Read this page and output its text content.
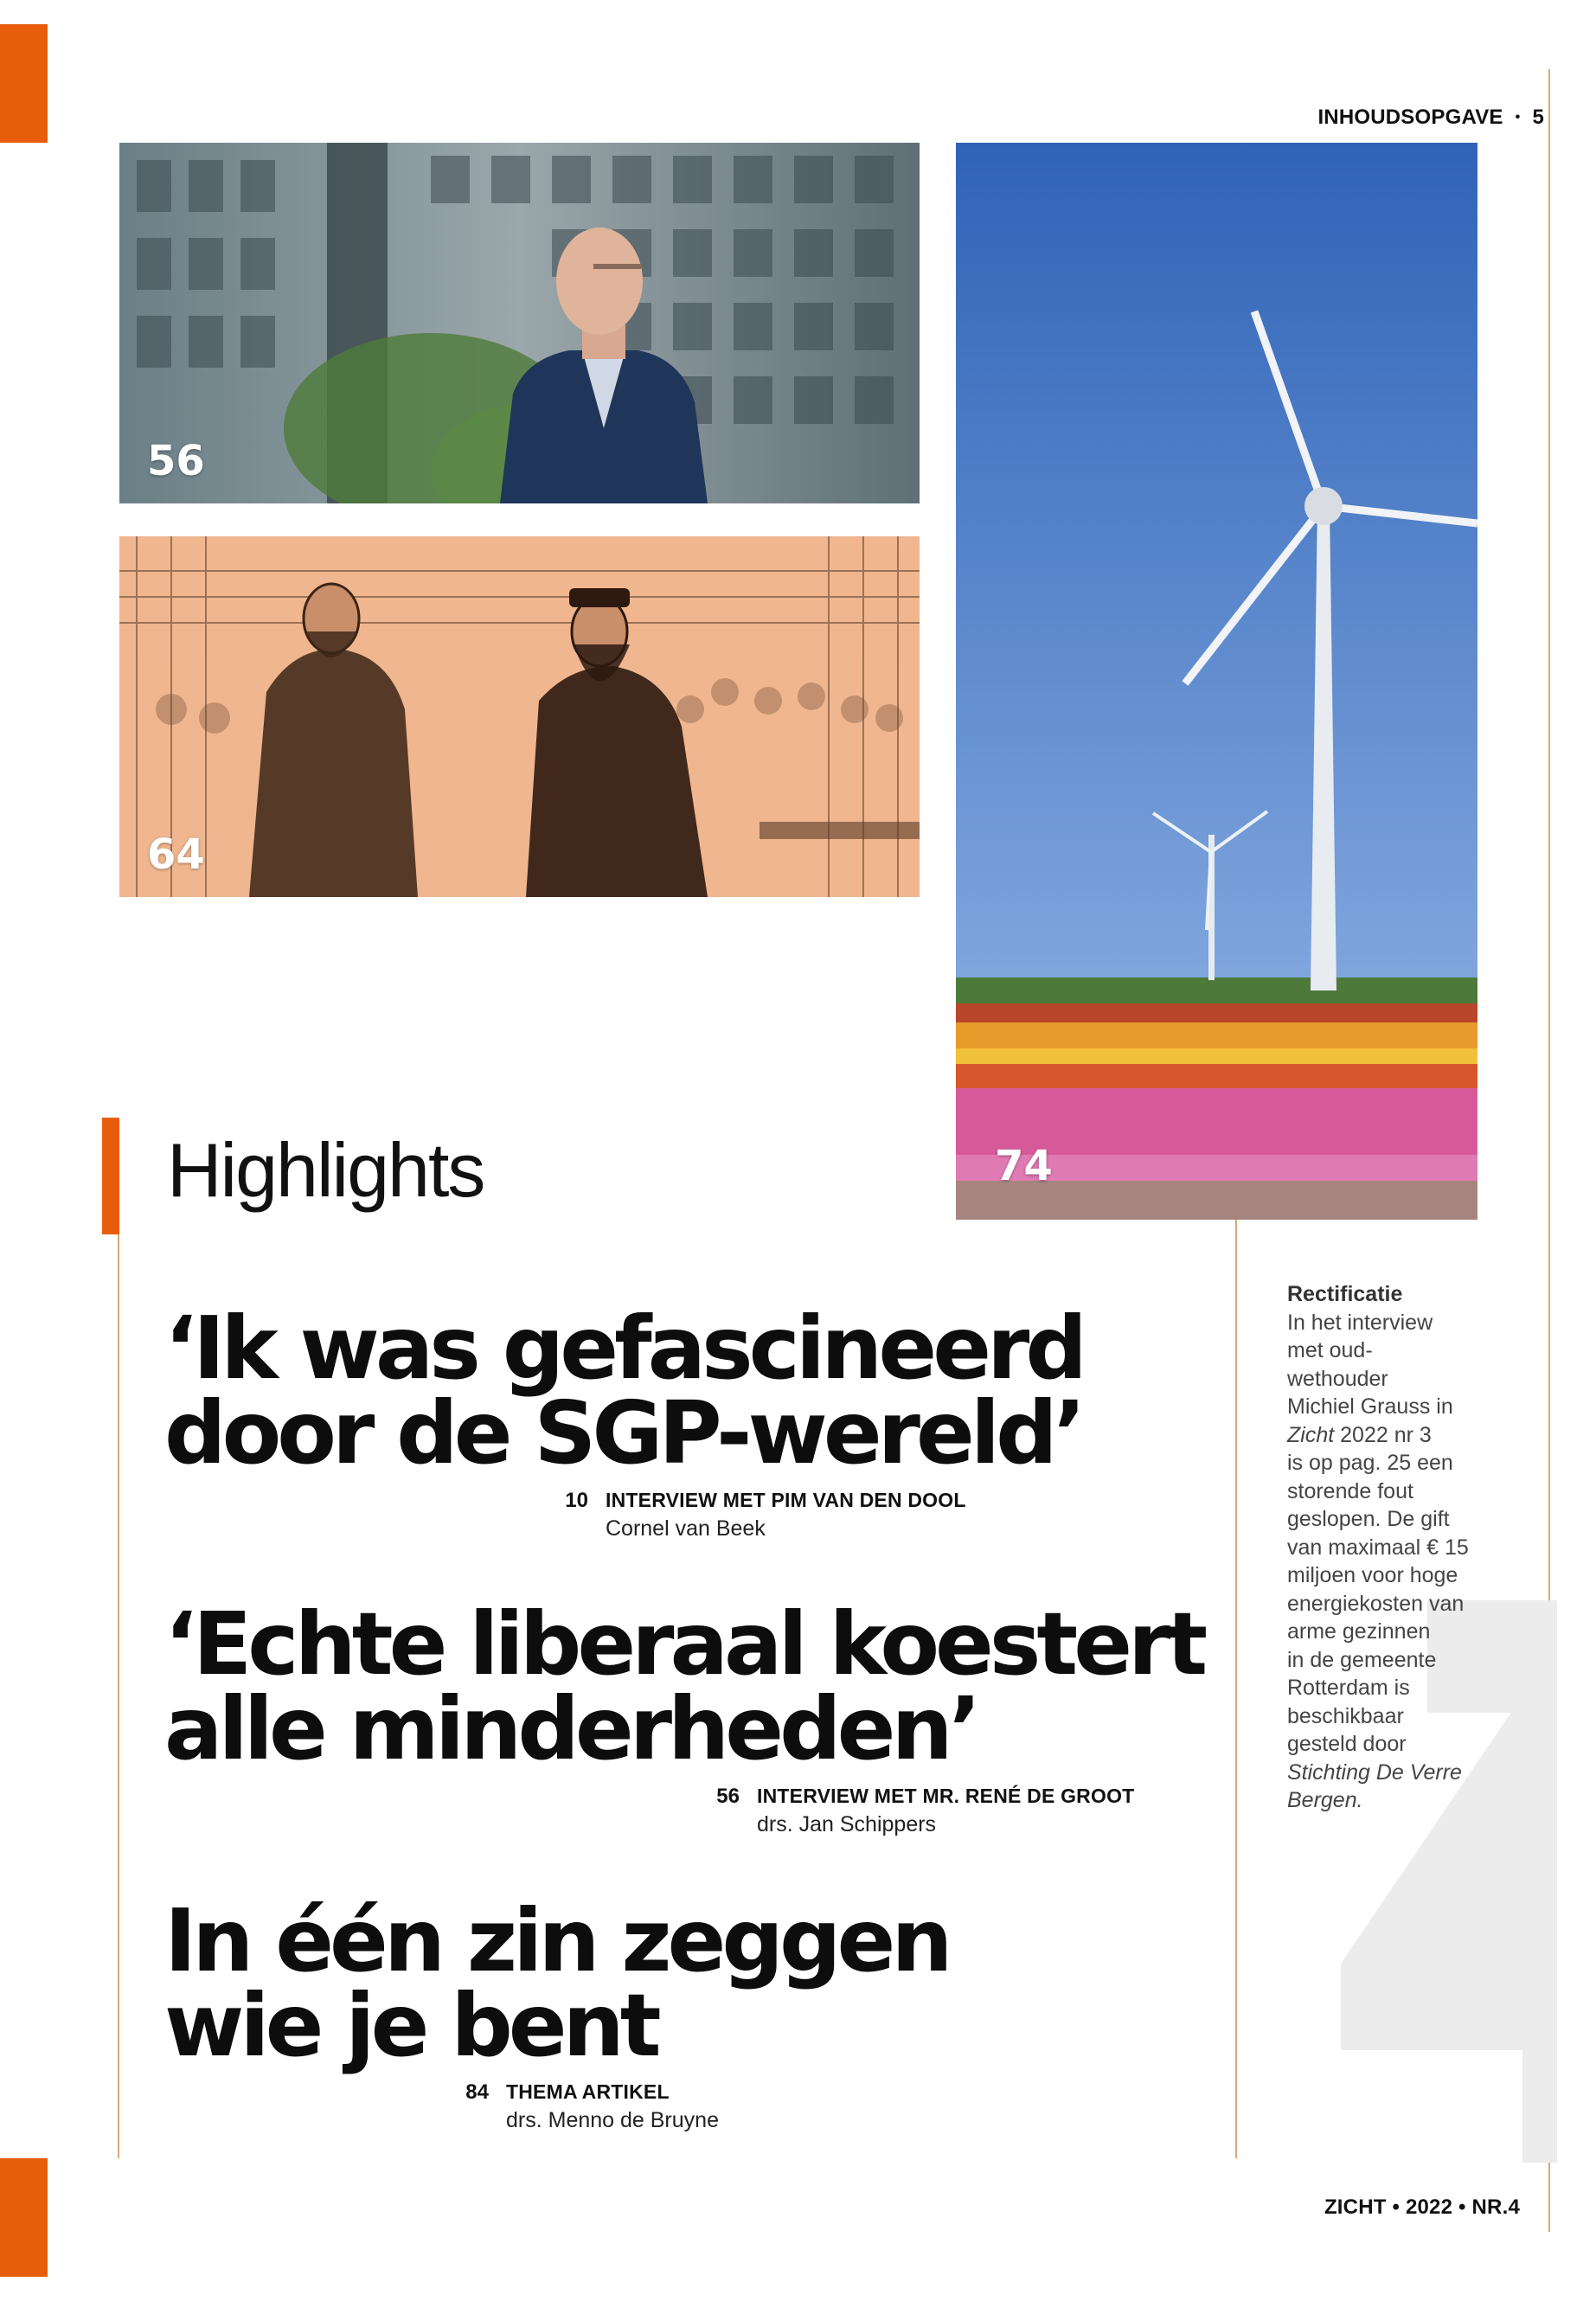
INHOUDSOPGAVE • 5
56
64
74
Highlights
‘Ik was gefascineerd
door de SGP-wereld’
10 INTERVIEW MET PIM VAN DEN DOOL
Cornel van Beek
‘Echte liberaal koestert
alle minderheden’
56 INTERVIEW MET MR. RENÉ DE GROOT
drs. Jan Schippers
In één zin zeggen
wie je bent
84 THEMA ARTIKEL
drs. Menno de Bruyne
Rectificatie
In het interview
met oud-
wethouder
Michiel Grauss in
Zicht 2022 nr 3
is op pag. 25 een
storende fout
geslopen. De gift
van maximaal € 15
miljoen voor hoge
energiekosten van
arme gezinnen
in de gemeente
Rotterdam is
beschikbaar
gesteld door
Stichting De Verre
Bergen.
ZICHT • 2022 • NR.4
